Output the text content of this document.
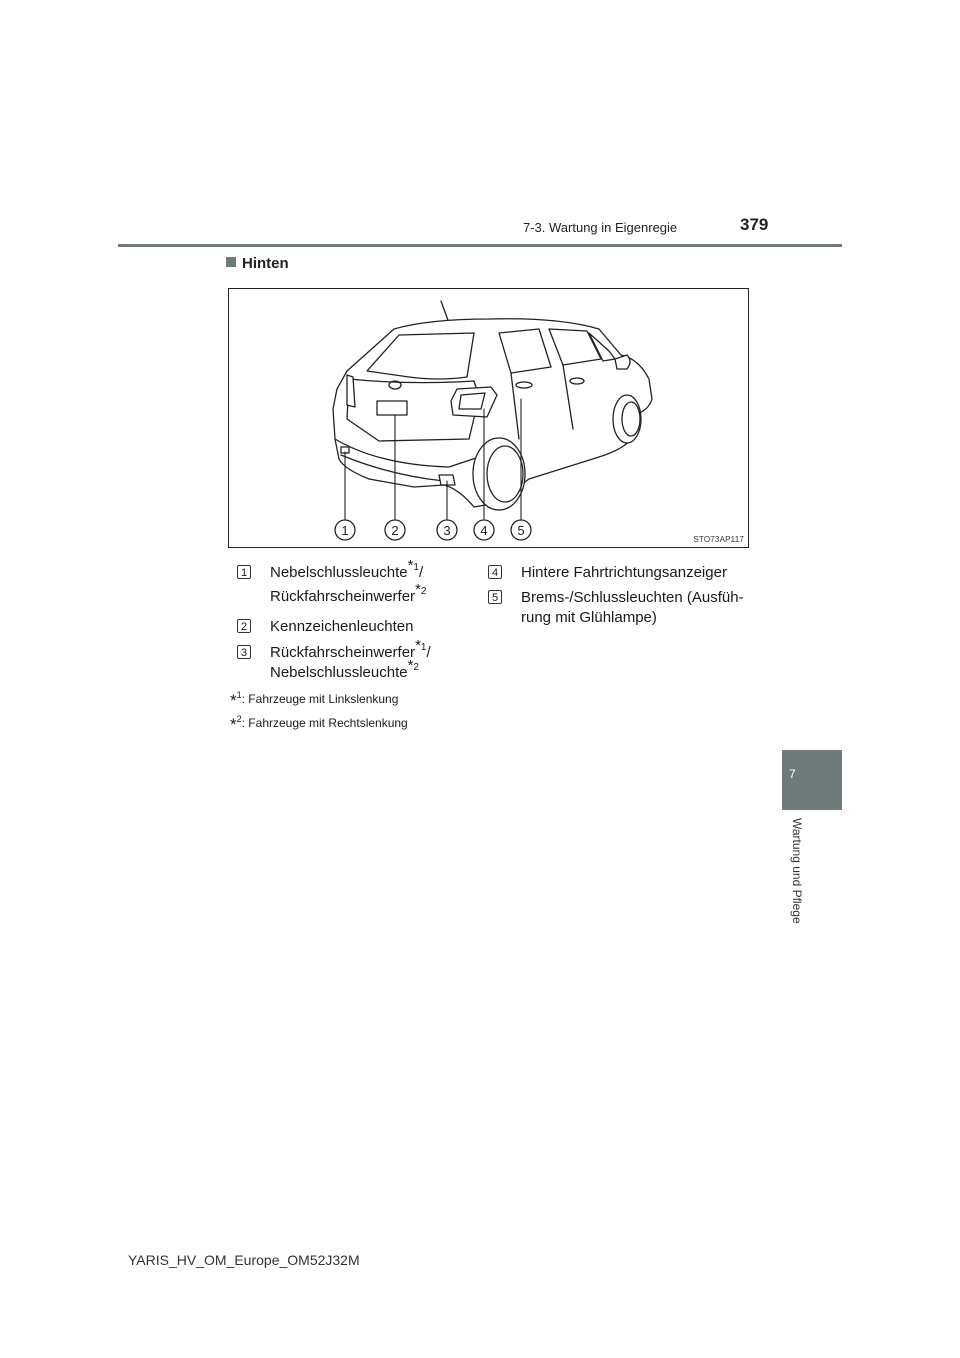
7-3. Wartung in Eigenregie	379
Hinten
1	2	3 4 5
STO73AP117
1 Nebelschlussleuchte$^{*1}$/
Rückfahrscheinwerfer$^{*2}$
2 Kennzeichenleuchten
3 Rückfahrscheinwerfer$^{*1}$/
Nebelschlussleuchte$^{*2}$
4 Hintere Fahrtrichtungsanzeiger
5 Brems-/Schlussleuchten (Ausfüh-
rung mit Glühlampe)
*$^1$: Fahrzeuge mit Linkslenkung
*$^2$: Fahrzeuge mit Rechtslenkung
7
Wartung und Pflege
YARIS_HV_OM_Europe_OM52J32M
